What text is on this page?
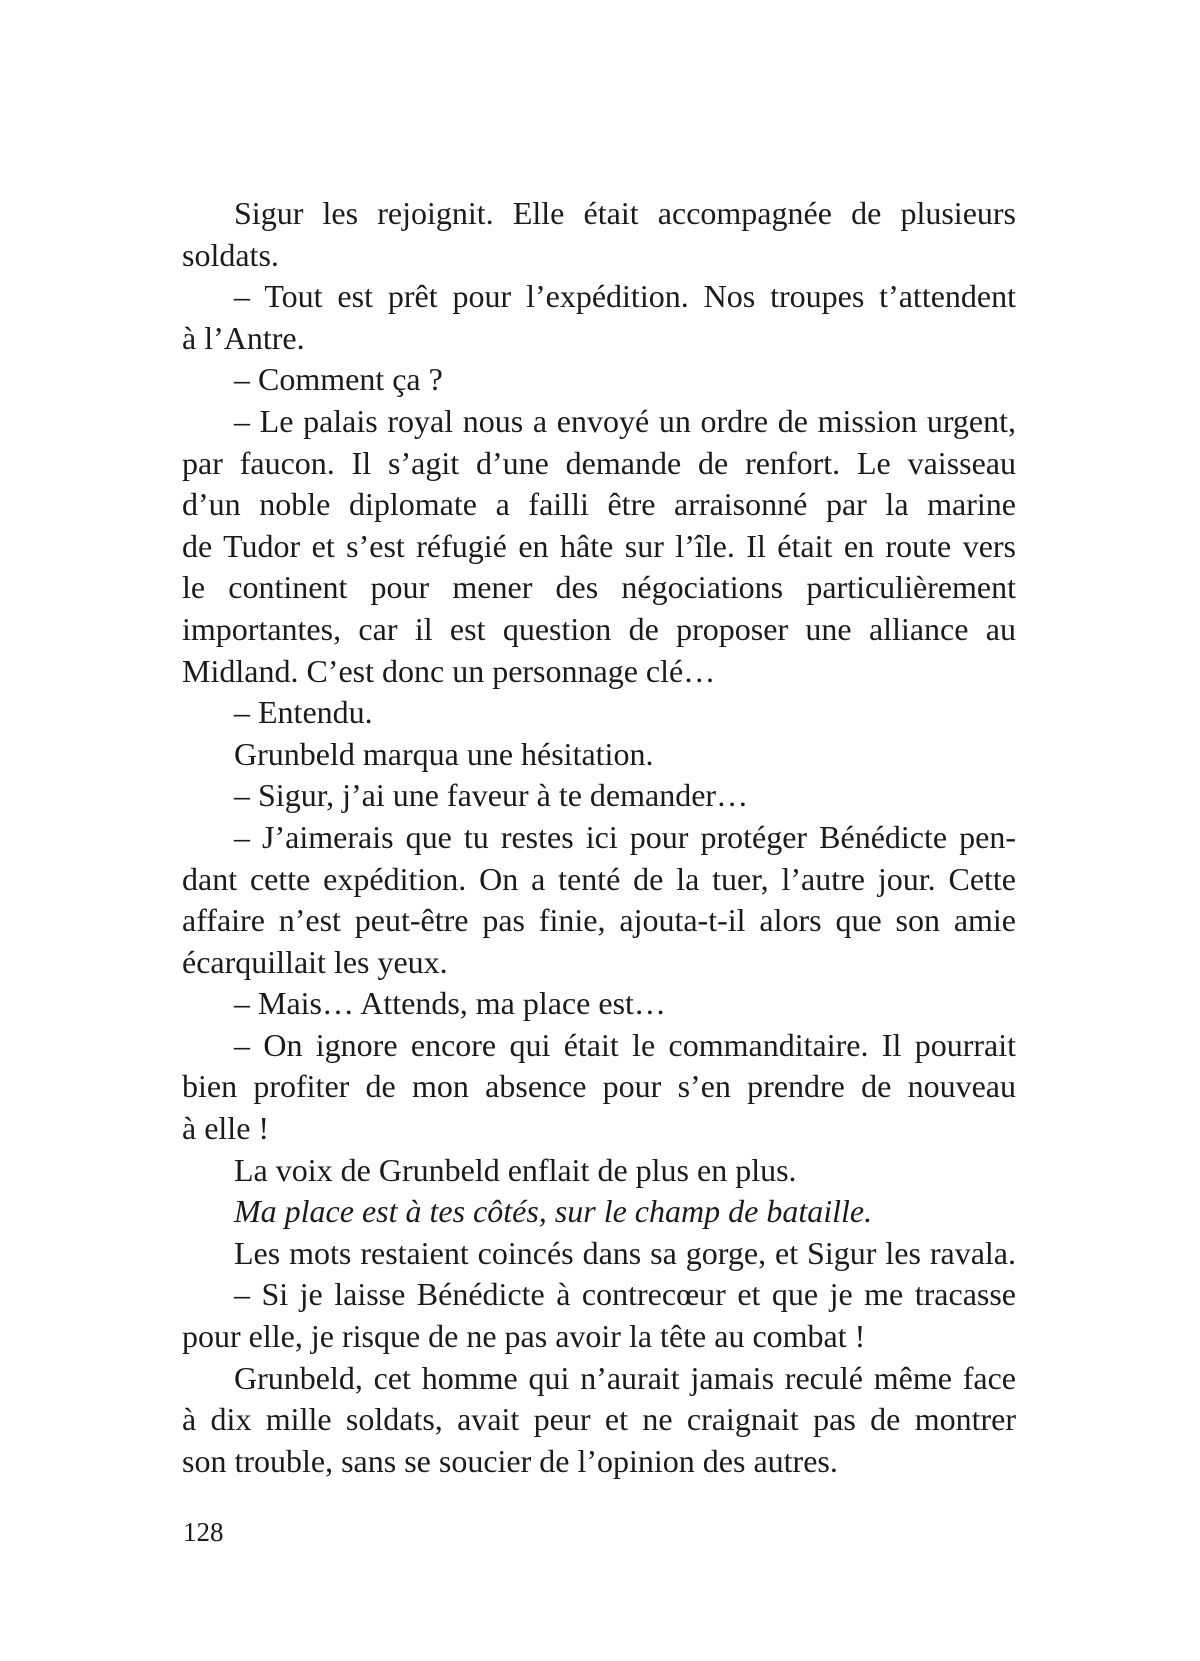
Sigur les rejoignit. Elle était accompagnée de plusieurs
soldats.
– Tout est prêt pour l’expédition. Nos troupes t’attendent
à l’Antre.
– Comment ça ?
– Le palais royal nous a envoyé un ordre de mission urgent,
par faucon. Il s’agit d’une demande de renfort. Le vaisseau
d’un noble diplomate a failli être arraisonné par la marine
de Tudor et s’est réfugié en hâte sur l’île. Il était en route vers
le continent pour mener des négociations particulièrement
importantes, car il est question de proposer une alliance au
Midland. C’est donc un personnage clé…
– Entendu.
Grunbeld marqua une hésitation.
– Sigur, j’ai une faveur à te demander…
– J’aimerais que tu restes ici pour protéger Bénédicte pen-
dant cette expédition. On a tenté de la tuer, l’autre jour. Cette
affaire n’est peut-être pas finie, ajouta-t-il alors que son amie
écarquillait les yeux.
– Mais… Attends, ma place est…
– On ignore encore qui était le commanditaire. Il pourrait
bien profiter de mon absence pour s’en prendre de nouveau
à elle !
La voix de Grunbeld enflait de plus en plus.
Ma place est à tes côtés, sur le champ de bataille.
Les mots restaient coincés dans sa gorge, et Sigur les ravala.
– Si je laisse Bénédicte à contrecœur et que je me tracasse
pour elle, je risque de ne pas avoir la tête au combat !
Grunbeld, cet homme qui n’aurait jamais reculé même face
à dix mille soldats, avait peur et ne craignait pas de montrer
son trouble, sans se soucier de l’opinion des autres.
128
